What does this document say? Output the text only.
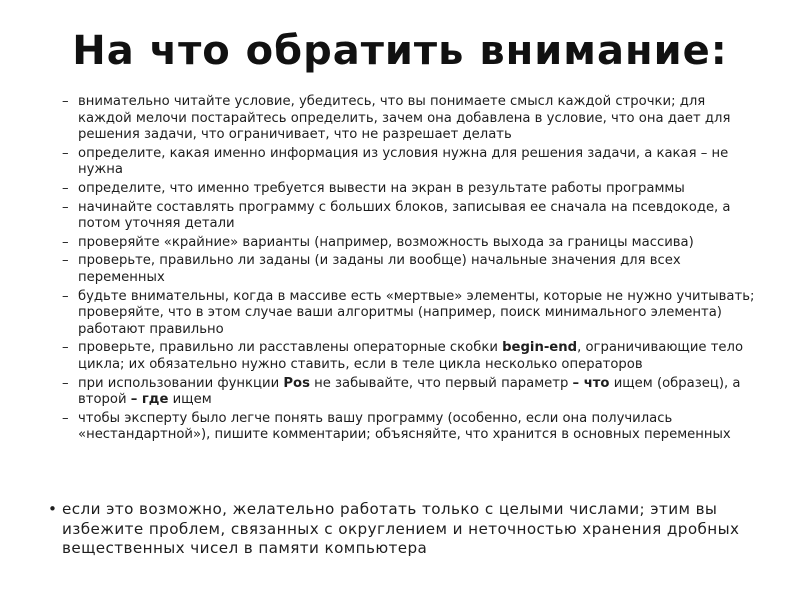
На что обратить внимание:
– внимательно читайте условие, убедитесь, что вы понимаете смысл каждой строчки; для каждой мелочи постарайтесь определить, зачем она добавлена в условие, что она дает для решения задачи, что ограничивает, что не разрешает делать
– определите, какая именно информация из условия нужна для решения задачи, а какая – не нужна
– определите, что именно требуется вывести на экран в результате работы программы
– начинайте составлять программу с больших блоков, записывая ее сначала на псевдокоде, а потом уточняя детали
– проверяйте «крайние» варианты (например, возможность выхода за границы массива)
– проверьте, правильно ли заданы (и заданы ли вообще) начальные значения для всех переменных
– будьте внимательны, когда в массиве есть «мертвые» элементы, которые не нужно учитывать; проверяйте, что в этом случае ваши алгоритмы (например, поиск минимального элемента) работают правильно
– проверьте, правильно ли расставлены операторные скобки begin-end, ограничивающие тело цикла; их обязательно нужно ставить, если в теле цикла несколько операторов
– при использовании функции Pos не забывайте, что первый параметр – что ищем (образец), а второй – где ищем
– чтобы эксперту было легче понять вашу программу (особенно, если она получилась «нестандартной»), пишите комментарии; объясняйте, что хранится в основных переменных
• если это возможно, желательно работать только с целыми числами; этим вы избежите проблем, связанных с округлением и неточностью хранения дробных вещественных чисел в памяти компьютера
